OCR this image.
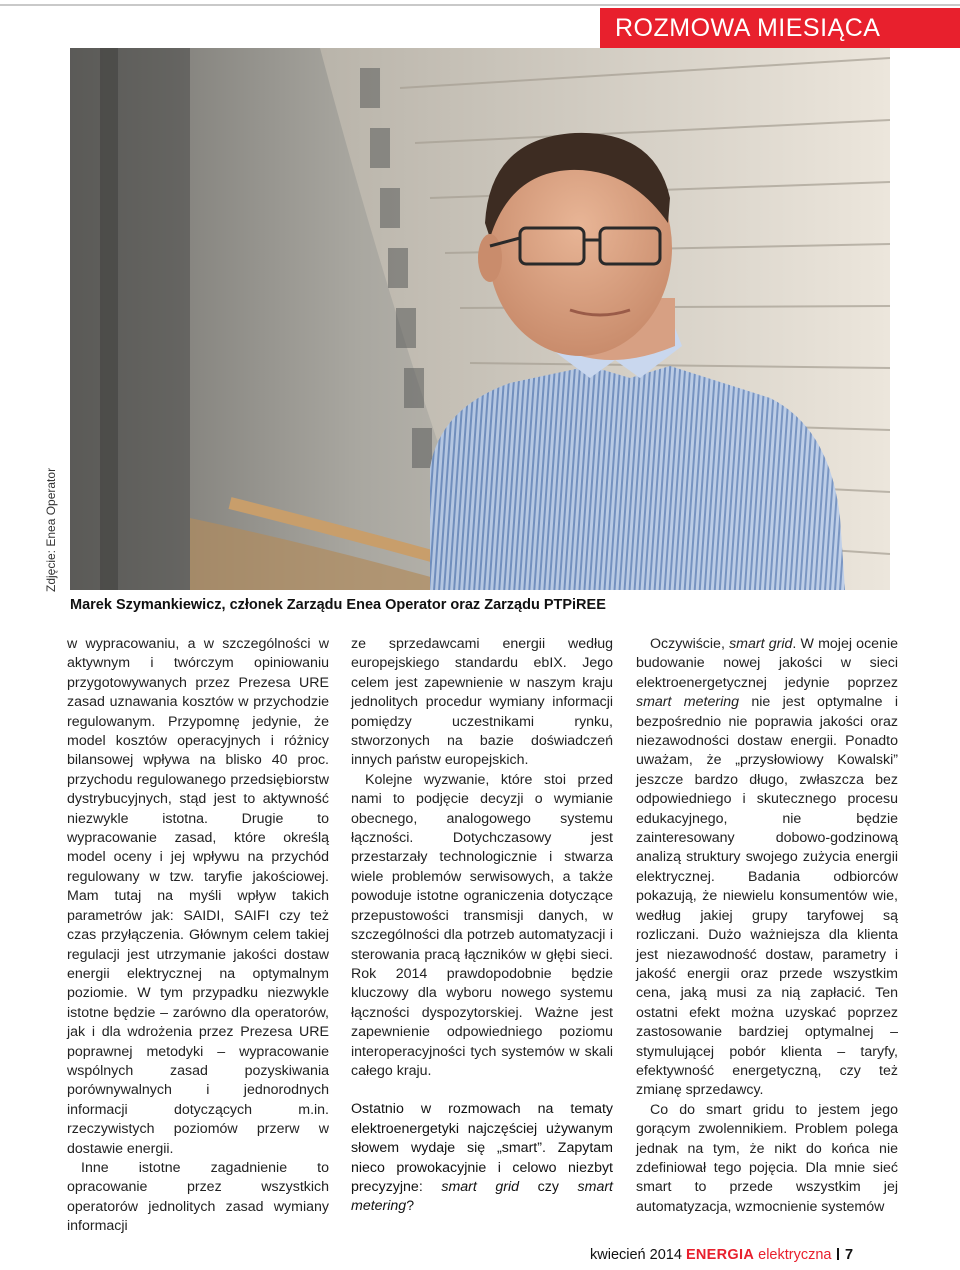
ROZMOWA MIESIĄCA
Zdjęcie: Enea Operator
Marek Szymankiewicz, członek Zarządu Enea Operator oraz Zarządu PTPiREE

w wypracowaniu, a w szczególności w aktywnym i twórczym opiniowaniu przygotowywanych przez Prezesa URE zasad uznawania kosztów w przychodzie regulowanym. Przypomnę jedynie, że model kosztów operacyjnych i różnicy bilansowej wpływa na blisko 40 proc. przychodu regulowanego przedsiębiorstw dystrybucyjnych, stąd jest to aktywność niezwykle istotna. Drugie to wypracowanie zasad, które określą model oceny i jej wpływu na przychód regulowany w tzw. taryfie jakościowej. Mam tutaj na myśli wpływ takich parametrów jak: SAIDI, SAIFI czy też czas przyłączenia. Głównym celem takiej regulacji jest utrzymanie jakości dostaw energii elektrycznej na optymalnym poziomie. W tym przypadku niezwykle istotne będzie – zarówno dla operatorów, jak i dla wdrożenia przez Prezesa URE poprawnej metodyki – wypracowanie wspólnych zasad pozyskiwania porównywalnych i jednorodnych informacji dotyczących m.in. rzeczywistych poziomów przerw w dostawie energii.

Inne istotne zagadnienie to opracowanie przez wszystkich operatorów jednolitych zasad wymiany informacji

ze sprzedawcami energii według europejskiego standardu ebIX. Jego celem jest zapewnienie w naszym kraju jednolitych procedur wymiany informacji pomiędzy uczestnikami rynku, stworzonych na bazie doświadczeń innych państw europejskich.

Kolejne wyzwanie, które stoi przed nami to podjęcie decyzji o wymianie obecnego, analogowego systemu łączności. Dotychczasowy jest przestarzały technologicznie i stwarza wiele problemów serwisowych, a także powoduje istotne ograniczenia dotyczące przepustowości transmisji danych, w szczególności dla potrzeb automatyzacji i sterowania pracą łączników w głębi sieci. Rok 2014 prawdopodobnie będzie kluczowy dla wyboru nowego systemu łączności dyspozytorskiej. Ważne jest zapewnienie odpowiedniego poziomu interoperacyjności tych systemów w skali całego kraju.

Ostatnio w rozmowach na tematy elektroenergetyki najczęściej używanym słowem wydaje się „smart”. Zapytam nieco prowokacyjnie i celowo niezbyt precyzyjne: smart grid czy smart metering?

Oczywiście, smart grid. W mojej ocenie budowanie nowej jakości w sieci elektroenergetycznej jedynie poprzez smart metering nie jest optymalne i bezpośrednio nie poprawia jakości oraz niezawodności dostaw energii. Ponadto uważam, że „przysłowiowy Kowalski” jeszcze bardzo długo, zwłaszcza bez odpowiedniego i skutecznego procesu edukacyjnego, nie będzie zainteresowany dobowo-godzinową analizą struktury swojego zużycia energii elektrycznej. Badania odbiorców pokazują, że niewielu konsumentów wie, według jakiej grupy taryfowej są rozliczani. Dużo ważniejsza dla klienta jest niezawodność dostaw, parametry i jakość energii oraz przede wszystkim cena, jaką musi za nią zapłacić. Ten ostatni efekt można uzyskać poprzez zastosowanie bardziej optymalnej – stymulującej pobór klienta – taryfy, efektywność energetyczną, czy też zmianę sprzedawcy.

Co do smart gridu to jestem jego gorącym zwolennikiem. Problem polega jednak na tym, że nikt do końca nie zdefiniował tego pojęcia. Dla mnie sieć smart to przede wszystkim jej automatyzacja, wzmocnienie systemów

kwiecień 2014 ENERGIA elektryczna 7
